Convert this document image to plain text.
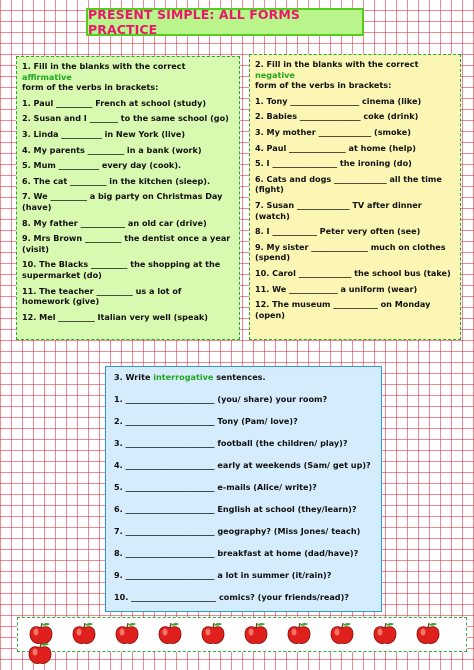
PRESENT SIMPLE: ALL FORMS PRACTICE
1. Fill in the blanks with the correct affirmative
form of the verbs in brackets:
1. Paul _________ French at school (study)
2. Susan and I _______ to the same school (go)
3. Linda __________ in New York (live)
4. My parents _________ in a bank (work)
5. Mum __________ every day (cook).
6. The cat _________ in the kitchen (sleep).
7. We _________ a big party on Christmas Day
(have)
8. My father ___________ an old car (drive)
9. Mrs Brown _________ the dentist once a year
(visit)
10. The Blacks _________ the shopping at the
supermarket (do)
11. The teacher _________ us a lot of
homework (give)
12. Mel _________ Italian very well (speak)
2. Fill in the blanks with the correct negative
form of the verbs in brackets:
1. Tony _________________ cinema (like)
2. Babies _______________ coke (drink)
3. My mother _____________ (smoke)
4. Paul ______________ at home (help)
5. I ________________ the ironing (do)
6. Cats and dogs _____________ all the time
(fight)
7. Susan _____________ TV after dinner
(watch)
8. I ___________ Peter very often (see)
9. My sister ______________ much on clothes
(spend)
10. Carol _____________ the school bus (take)
11. We ____________ a uniform (wear)
12. The museum ___________ on Monday
(open)
3. Write interrogative sentences.
1. ______________________ (you/ share) your room?
2. ______________________ Tony (Pam/ love)?
3. ______________________ football (the children/ play)?
4. ______________________ early at weekends (Sam/ get up)?
5. ______________________ e-mails (Alice/ write)?
6. ______________________ English at school (they/learn)?
7. ______________________ geography? (Miss Jones/ teach)
8. ______________________ breakfast at home (dad/have)?
9. ______________________ a lot in summer (it/rain)?
10. _____________________ comics? (your friends/read)?
